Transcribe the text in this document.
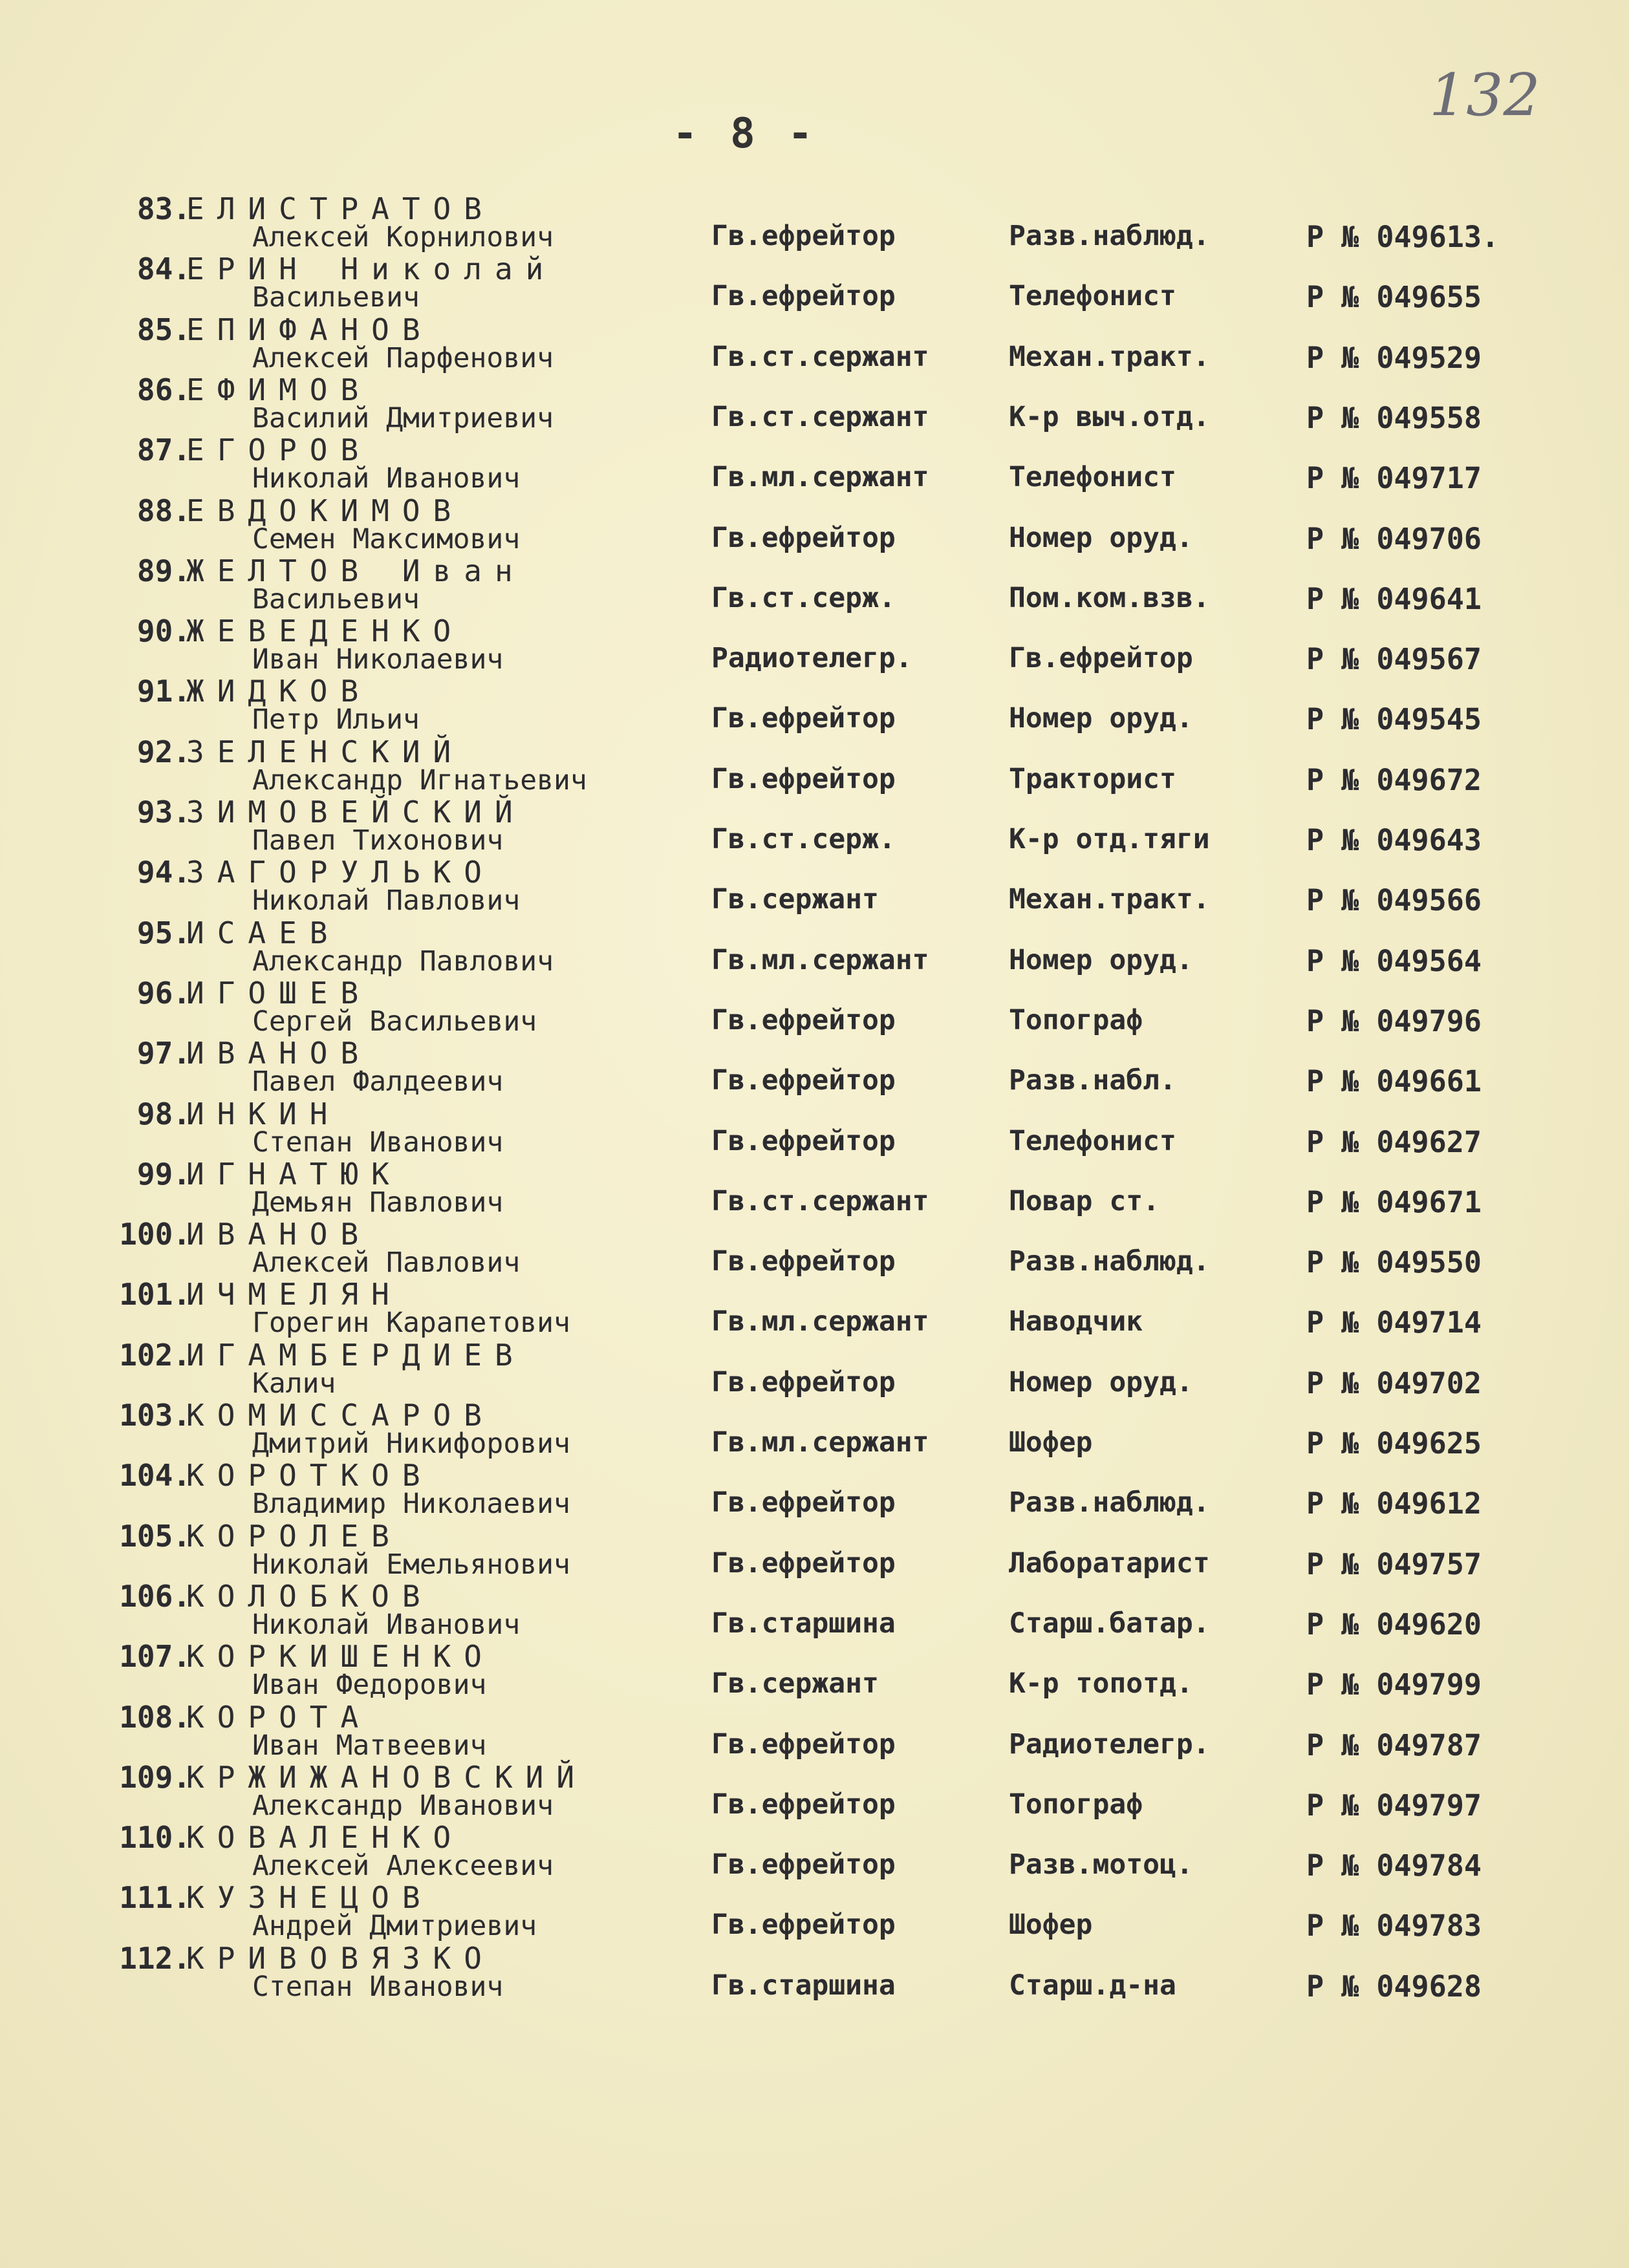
- 8 -
132
83.
ЕЛИСТРАТОВ
Алексей Корнилович	Гв.ефрейтор	Разв.наблюд.	Р № 049613.
84.
ЕРИН Николай
Васильевич	Гв.ефрейтор	Телефонист	Р № 049655
85.
ЕПИФАНОВ
Алексей Парфенович	Гв.ст.сержант	Механ.тракт.	Р № 049529
86.
ЕФИМОВ
Василий Дмитриевич	Гв.ст.сержант	К-р выч.отд.	Р № 049558
87.
ЕГОРОВ
Николай Иванович	Гв.мл.сержант	Телефонист	Р № 049717
88.
ЕВДОКИМОВ
Семен Максимович	Гв.ефрейтор	Номер оруд.	Р № 049706
89.
ЖЕЛТОВ Иван
Васильевич	Гв.ст.серж.	Пом.ком.взв.	Р № 049641
90.
ЖЕВЕДЕНКО
Иван Николаевич	Радиотелегр.	Гв.ефрейтор	Р № 049567
91.
ЖИДКОВ
Петр Ильич	Гв.ефрейтор	Номер оруд.	Р № 049545
92.
ЗЕЛЕНСКИЙ
Александр Игнатьевич	Гв.ефрейтор	Тракторист	Р № 049672
93.
ЗИМОВЕЙСКИЙ
Павел Тихонович	Гв.ст.серж.	К-р отд.тяги	Р № 049643
94.
ЗАГОРУЛЬКО
Николай Павлович	Гв.сержант	Механ.тракт.	Р № 049566
95.
ИСАЕВ
Александр Павлович	Гв.мл.сержант	Номер оруд.	Р № 049564
96.
ИГОШЕВ
Сергей Васильевич	Гв.ефрейтор	Топограф	Р № 049796
97.
ИВАНОВ
Павел Фалдеевич	Гв.ефрейтор	Разв.набл.	Р № 049661
98.
ИНКИН
Степан Иванович	Гв.ефрейтор	Телефонист	Р № 049627
99.
ИГНАТЮК
Демьян Павлович	Гв.ст.сержант	Повар ст.	Р № 049671
100.
ИВАНОВ
Алексей Павлович	Гв.ефрейтор	Разв.наблюд.	Р № 049550
101.
ИЧМЕЛЯН
Горегин Карапетович	Гв.мл.сержант	Наводчик	Р № 049714
102.
ИГАМБЕРДИЕВ
Калич	Гв.ефрейтор	Номер оруд.	Р № 049702
103.
КОМИССАРОВ
Дмитрий Никифорович	Гв.мл.сержант	Шофер	Р № 049625
104.
КОРОТКОВ
Владимир Николаевич	Гв.ефрейтор	Разв.наблюд.	Р № 049612
105.
КОРОЛЕВ
Николай Емельянович	Гв.ефрейтор	Лаборатарист	Р № 049757
106.
КОЛОБКОВ
Николай Иванович	Гв.старшина	Старш.батар.	Р № 049620
107.
КОРКИШЕНКО
Иван Федорович	Гв.сержант	К-р топотд.	Р № 049799
108.
КОРОТА
Иван Матвеевич	Гв.ефрейтор	Радиотелегр.	Р № 049787
109.
КРЖИЖАНОВСКИЙ
Александр Иванович	Гв.ефрейтор	Топограф	Р № 049797
110.
КОВАЛЕНКО
Алексей Алексеевич	Гв.ефрейтор	Разв.мотоц.	Р № 049784
111.
КУЗНЕЦОВ
Андрей Дмитриевич	Гв.ефрейтор	Шофер	Р № 049783
112.
КРИВОВЯЗКО
Степан Иванович	Гв.старшина	Старш.д-на	Р № 049628
